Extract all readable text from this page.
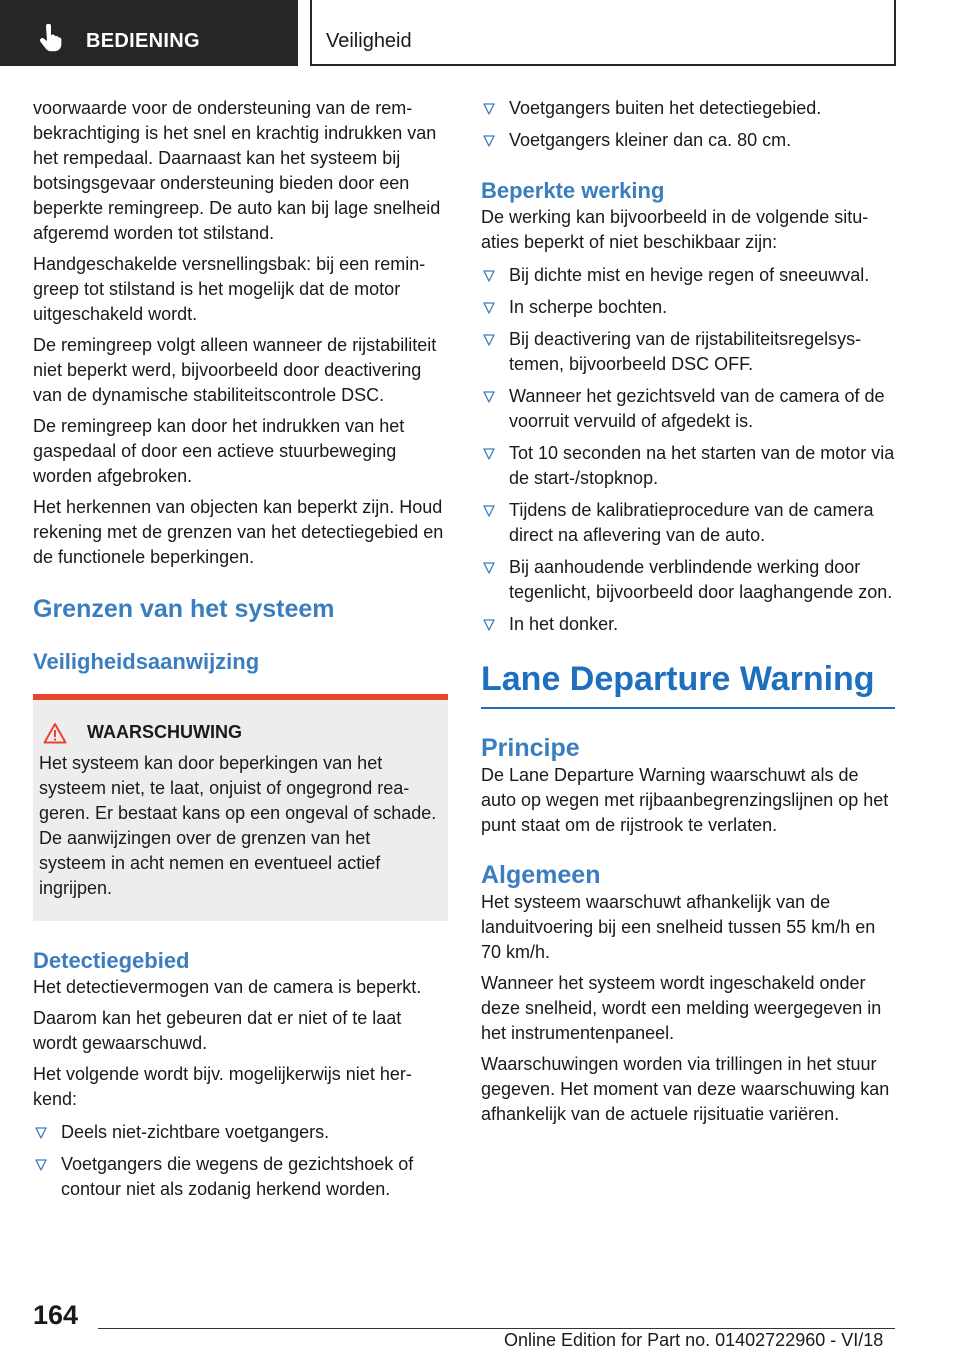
BEDIENING	Veiligheid

voorwaarde voor de ondersteuning van de rembekrachtiging is het snel en krachtig indrukken van het rempedaal. Daarnaast kan het systeem bij botsingsgevaar ondersteuning bieden door een beperkte remingreep. De auto kan bij lage snelheid afgeremd worden tot stilstand.

Handgeschakelde versnellingsbak: bij een remingreep tot stilstand is het mogelijk dat de motor uitgeschakeld wordt.

De remingreep volgt alleen wanneer de rijstabiliteit niet beperkt werd, bijvoorbeeld door deactivering van de dynamische stabiliteitscontrole DSC.

De remingreep kan door het indrukken van het gaspedaal of door een actieve stuurbeweging worden afgebroken.

Het herkennen van objecten kan beperkt zijn. Houd rekening met de grenzen van het detectiegebied en de functionele beperkingen.

Grenzen van het systeem
Veiligheidsaanwijzing
WAARSCHUWING

Het systeem kan door beperkingen van het systeem niet, te laat, onjuist of ongegrond reageren. Er bestaat kans op een ongeval of schade. De aanwijzingen over de grenzen van het systeem in acht nemen en eventueel actief ingrijpen.

Detectiegebied

Het detectievermogen van de camera is beperkt.

Daarom kan het gebeuren dat er niet of te laat wordt gewaarschuwd.

Het volgende wordt bijv. mogelijkerwijs niet herkend:

Deels niet-zichtbare voetgangers.
Voetgangers die wegens de gezichtshoek of contour niet als zodanig herkend worden.
Voetgangers buiten het detectiegebied.
Voetgangers kleiner dan ca. 80 cm.
Beperkte werking

De werking kan bijvoorbeeld in de volgende situaties beperkt of niet beschikbaar zijn:

Bij dichte mist en hevige regen of sneeuwval.
In scherpe bochten.
Bij deactivering van de rijstabiliteitsregelsystemen, bijvoorbeeld DSC OFF.
Wanneer het gezichtsveld van de camera of de voorruit vervuild of afgedekt is.
Tot 10 seconden na het starten van de motor via de start-/stopknop.
Tijdens de kalibratieprocedure van de camera direct na aflevering van de auto.
Bij aanhoudende verblindende werking door tegenlicht, bijvoorbeeld door laaghangende zon.
In het donker.
Lane Departure Warning
Principe

De Lane Departure Warning waarschuwt als de auto op wegen met rijbaanbegrenzingslijnen op het punt staat om de rijstrook te verlaten.

Algemeen

Het systeem waarschuwt afhankelijk van de landuitvoering bij een snelheid tussen 55 km/h en 70 km/h.

Wanneer het systeem wordt ingeschakeld onder deze snelheid, wordt een melding weergegeven in het instrumentenpaneel.

Waarschuwingen worden via trillingen in het stuur gegeven. Het moment van deze waarschuwing kan afhankelijk van de actuele rijsituatie variëren.

164
Online Edition for Part no. 01402722960 - VI/18
